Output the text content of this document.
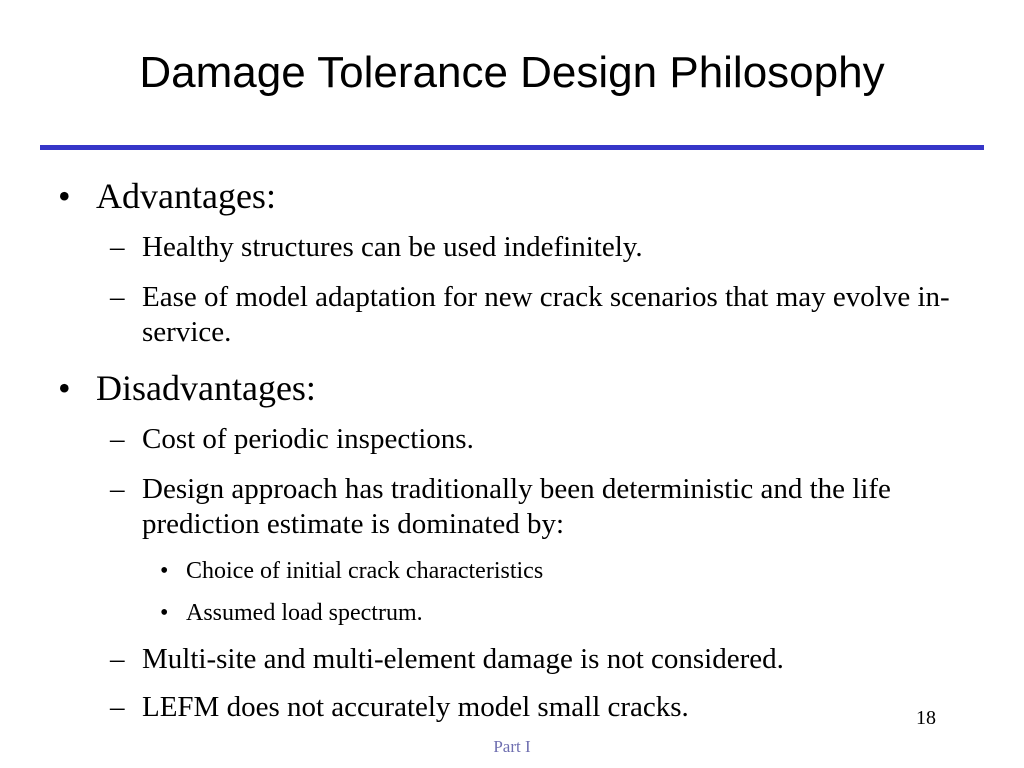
Damage Tolerance Design Philosophy
• Advantages:
– Healthy structures can be used indefinitely.
– Ease of model adaptation for new crack scenarios that may evolve in-service.
• Disadvantages:
– Cost of periodic inspections.
– Design approach has traditionally been deterministic and the life prediction estimate is dominated by:
• Choice of initial crack characteristics
• Assumed load spectrum.
– Multi-site and multi-element damage is not considered.
– LEFM does not accurately model small cracks.	18
Part I
